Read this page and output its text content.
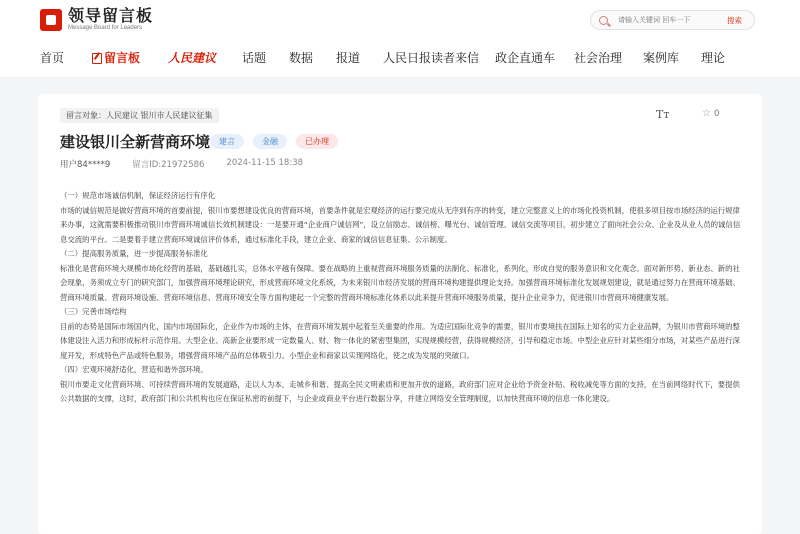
领导留言板
Message Board for Leaders
请输入关键词 回车一下
搜索
首页	留言板 人民建议 话题 数据 报道 人民日报读者来信 政企直通车 社会治理 案例库 理论
留言对象：人民建议 银川市人民建议征集	Tт	☆ 0
建设银川全新营商环境	建言	金融	已办理
用户84****9	留言ID:21972586	2024-11-15 18:38

（一）规范市场诚信机制，保证经济运行有序化

市场的诚信规范是做好营商环境的首要前提，银川市要想建设优良的营商环境，首要条件就是宏观经济的运行要完成从无序到有序的转变，建立完整意义上的市场化投资机制，使很多项目按市场经济的运行规律来办事，这就需要积极推动银川市营商环境诚信长效机制建设：一是要开通“企业商户诚信网”，设立信励志、诚信榜、曝光台、诚信管理、诚信交流等项目，初步建立了面向社会公众、企业及从业人员的诚信信息交流的平台。二是要着手建立营商环境诚信评价体系，通过标准化手段，建立企业、商家的诚信信息征集、公示制度。

（二）提高服务质量，进一步提高服务标准化

标准化是营商环境大规模市场化经营的基础，基础越扎实，总体水平越有保障。要在战略的上重视营商环境服务质量的法制化、标准化，系列化，形成自觉的服务意识和文化观念。面对新形势、新业态、新的社会现象，务须成立专门的研究部门，加强营商环境理论研究，形成营商环境文化系统，为未来银川市经济发展的营商环境构建提供理论支持。加强营商环境标准化发展规划建设，就是通过努力在营商环境基础、营商环境质量、营商环境设施、营商环境信息、营商环境安全等方面构建起一个完整的营商环境标准化体系以此来提升营商环境服务质量，提升企业竞争力，促进银川市营商环境健康发展。

（三）完善市场结构

目前的态势是国际市场国内化，国内市场国际化，企业作为市场的主体，在营商环境发展中起着至关重要的作用。为适应国际化竞争的需要，银川市要境扶在国际上知名的实力企业品牌，为银川市营商环境的整体建设注入活力和形成标杆示范作用。大型企业、高新企业要形成一定数量人、财、物一体化的紧密型集团，实现规模经营，获得规模经济，引导和稳定市场。中型企业应针对某些细分市场，对某些产品进行深度开发，形成特色产品或特色服务，增强营商环境产品的总体吸引力。小型企业和商家以实现网络化，使之成为发展的突破口。

（四）宏观环境舒适化，营造和谐外部环境。

银川市要走文化营商环境、可持续营商环境的发展道路，走以人为本，走城乡和谐、提高全民文明素质和更加开放的道路，政府部门应对企业给予资金补贴、税收减免等方面的支持，在当前网络时代下，要提供公共数据的支撑，这时，政府部门和公共机构也应在保证私密的前提下，与企业或商业平台进行数据分享，并建立网络安全管理制度，以加快营商环境的信息一体化建设。
